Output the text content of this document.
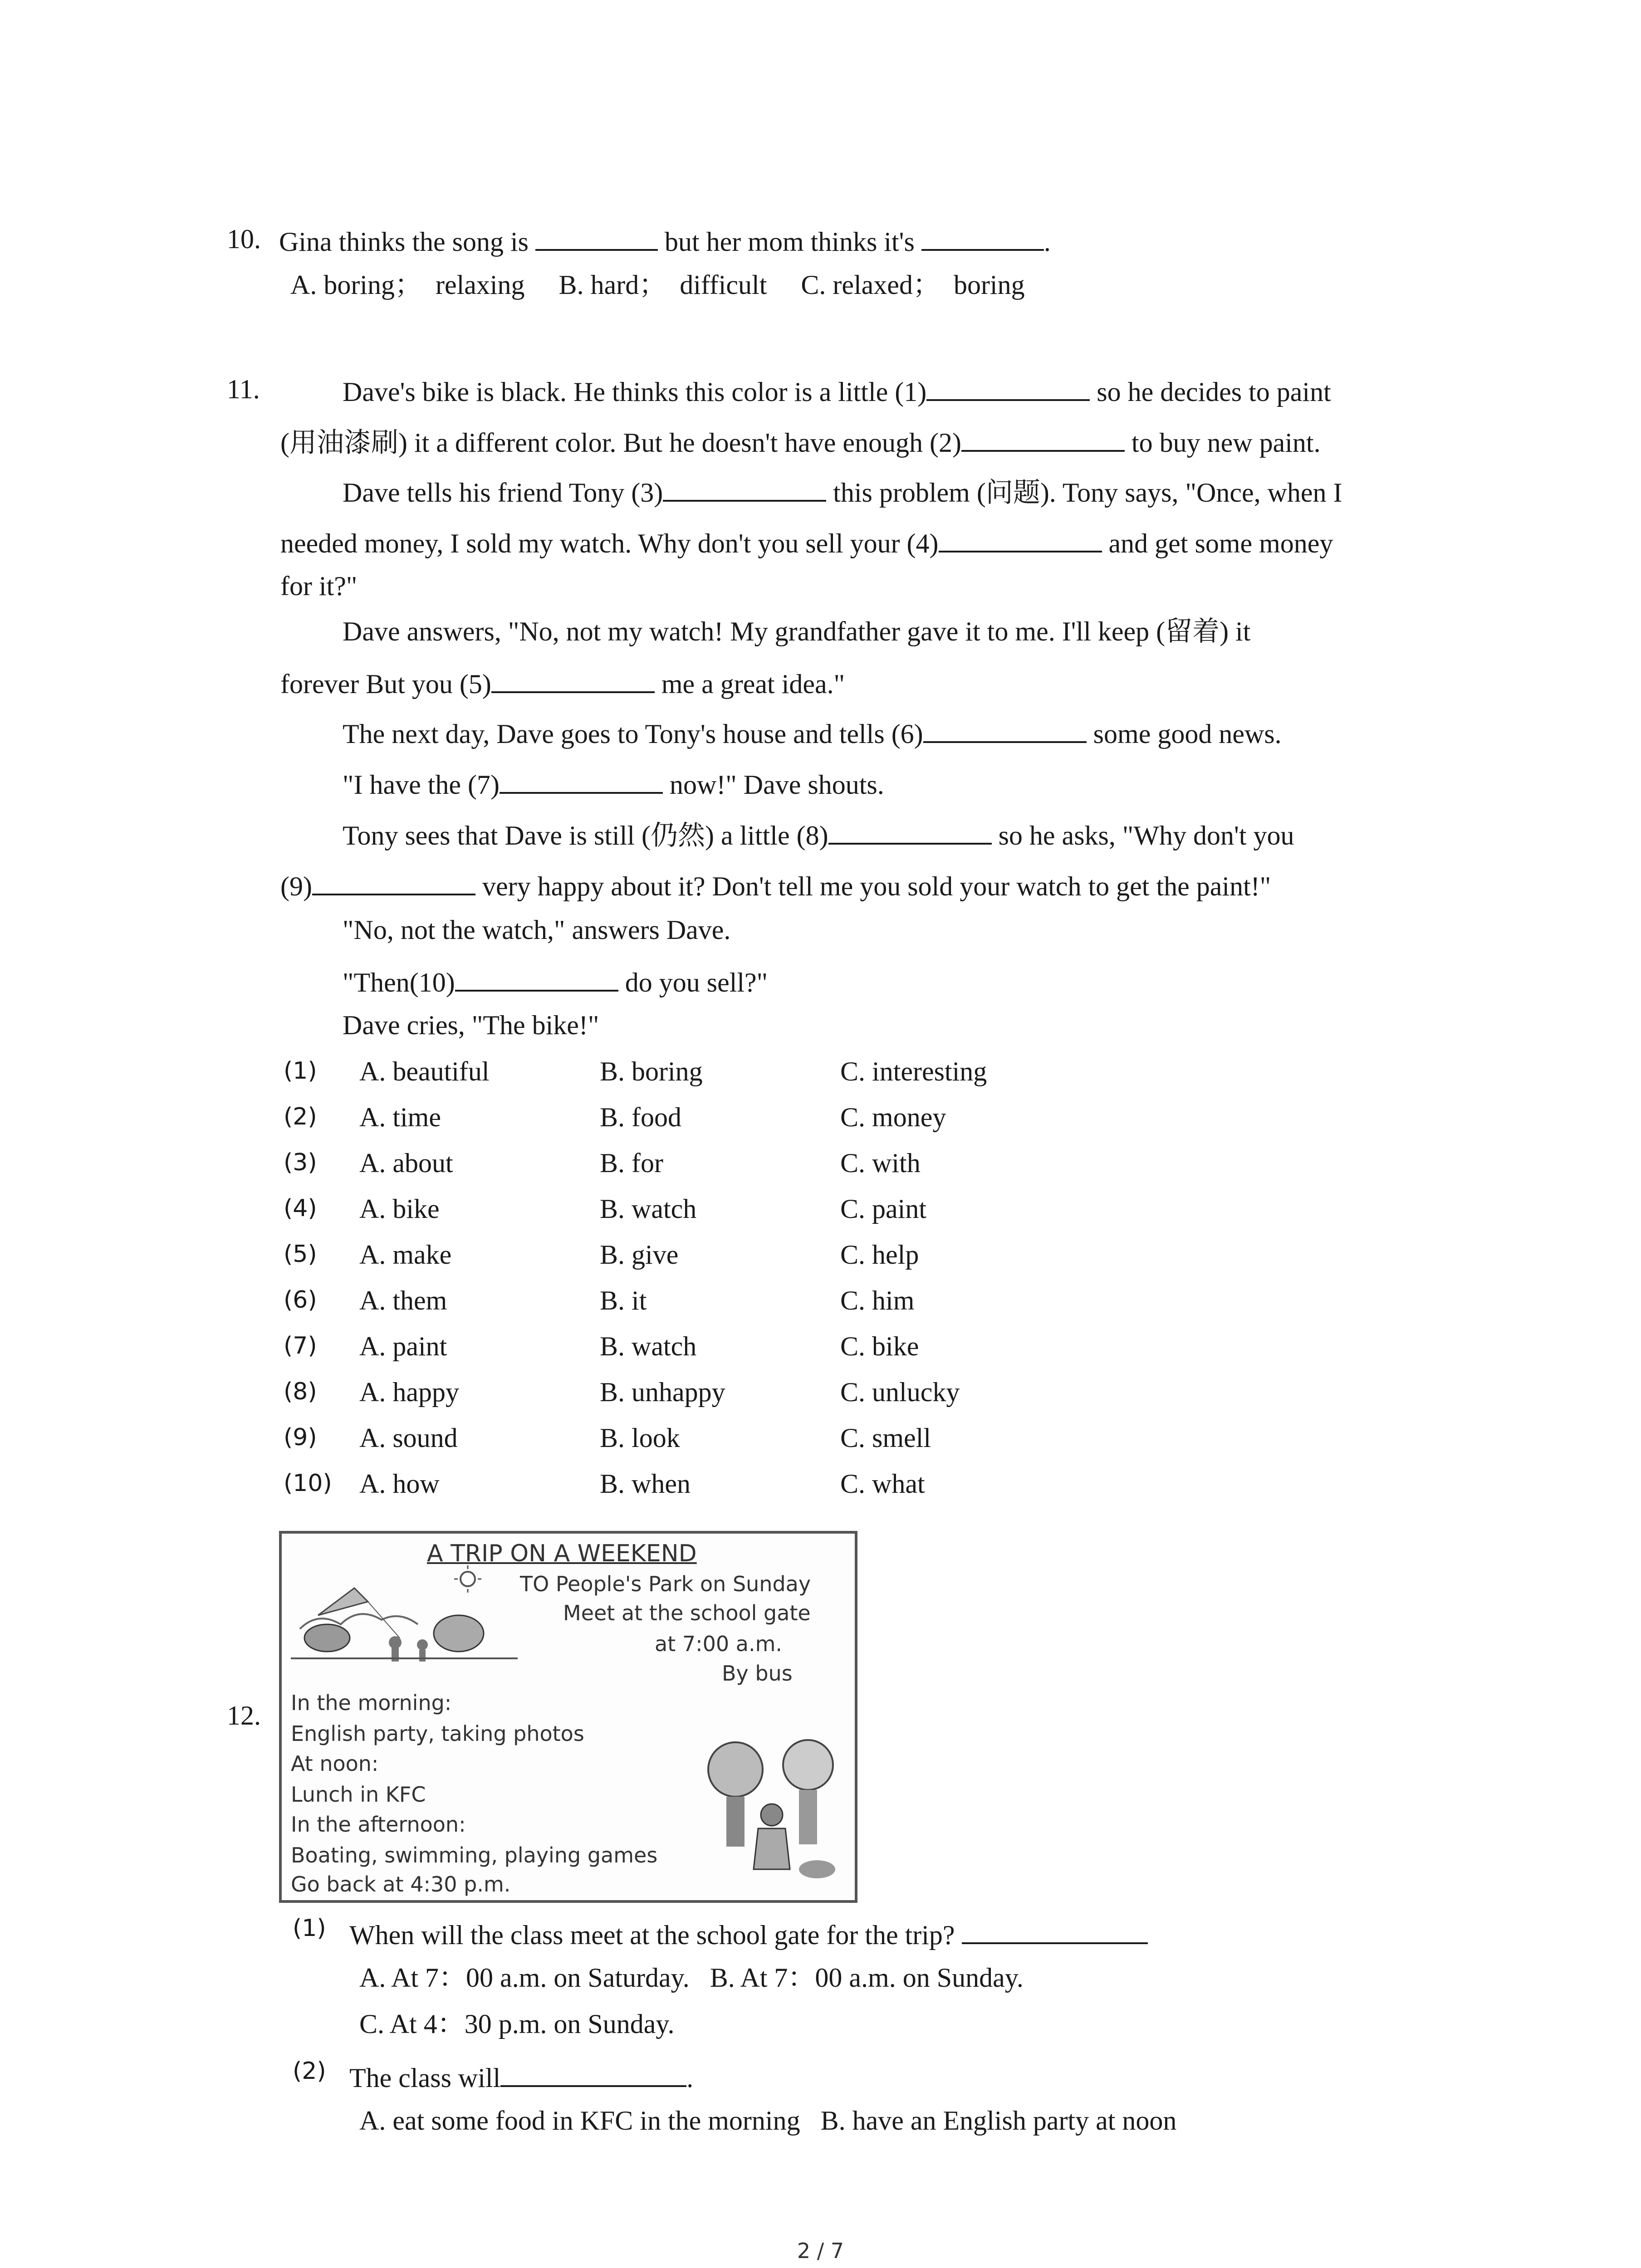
10. Gina thinks the song is	but her mom thinks it's	.
A. boring；  relaxing     B. hard；  difficult     C. relaxed；  boring
11.	Dave's bike is black. He thinks this color is a little (1)	so he decides to paint
(用油漆刷) it a different color. But he doesn't have enough (2)	to buy new paint.
Dave tells his friend Tony (3)	this problem (问题). Tony says, "Once, when I
needed money, I sold my watch. Why don't you sell your (4)	and get some money
for it?"
Dave answers, "No, not my watch! My grandfather gave it to me. I'll keep (留着) it
forever But you (5)	me a great idea."
The next day, Dave goes to Tony's house and tells (6)	some good news.
"I have the (7)	now!" Dave shouts.
Tony sees that Dave is still (仍然) a little (8)	so he asks, "Why don't you
(9)	very happy about it? Don't tell me you sold your watch to get the paint!"
"No, not the watch," answers Dave.
"Then(10)	do you sell?"
Dave cries, "The bike!"
(1) A. beautiful	B. boring	C. interesting
(2) A. time	B. food	C. money
(3) A. about	B. for	C. with
(4) A. bike	B. watch	C. paint
(5) A. make	B. give	C. help
(6) A. them	B. it	C. him
(7) A. paint	B. watch	C. bike
(8) A. happy	B. unhappy	C. unlucky
(9) A. sound	B. look	C. smell
(10) A. how	B. when	C. what
12.
A TRIP ON A WEEKEND
TO People's Park on Sunday
Meet at the school gate
at 7:00 a.m.
By bus
In the morning:
English party, taking photos
At noon:
Lunch in KFC
In the afternoon:
Boating, swimming, playing games
Go back at 4:30 p.m.
(1) When will the class meet at the school gate for the trip?
A. At 7：00 a.m. on Saturday.   B. At 7：00 a.m. on Sunday.
C. At 4：30 p.m. on Sunday.
(2) The class will	.
A. eat some food in KFC in the morning   B. have an English party at noon
2 / 7
